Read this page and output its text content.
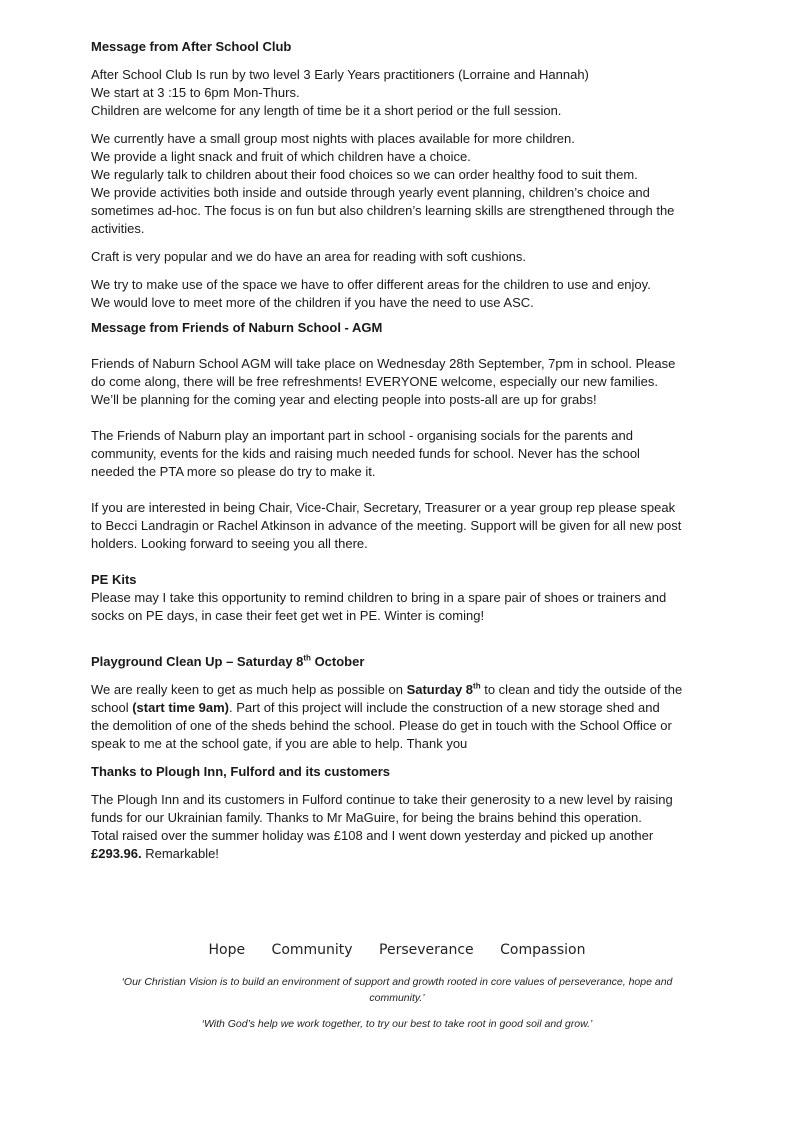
Message from After School Club

After School Club Is run by two level 3 Early Years practitioners (Lorraine and Hannah)
We start at 3 :15 to 6pm Mon-Thurs.
Children are welcome for any length of time be it a short period or the full session.

We currently have a small group most nights with places available for more children.
We provide a light snack and fruit of which children have a choice.
We regularly talk to children about their food choices so we can order healthy food to suit them.
We provide activities both inside and outside through yearly event planning, children’s choice and
sometimes ad-hoc. The focus is on fun but also children’s learning skills are strengthened through the
activities.

Craft is very popular and we do have an area for reading with soft cushions.

We try to make use of the space we have to offer different areas for the children to use and enjoy.
We would love to meet more of the children if you have the need to use ASC.

Message from Friends of Naburn School - AGM

Friends of Naburn School AGM will take place on Wednesday 28th September, 7pm in school. Please
do come along, there will be free refreshments! EVERYONE welcome, especially our new families.
We’ll be planning for the coming year and electing people into posts-all are up for grabs!

The Friends of Naburn play an important part in school - organising socials for the parents and
community, events for the kids and raising much needed funds for school. Never has the school
needed the PTA more so please do try to make it.

If you are interested in being Chair, Vice-Chair, Secretary, Treasurer or a year group rep please speak
to Becci Landragin or Rachel Atkinson in advance of the meeting. Support will be given for all new post
holders. Looking forward to seeing you all there.

PE Kits

Please may I take this opportunity to remind children to bring in a spare pair of shoes or trainers and
socks on PE days, in case their feet get wet in PE. Winter is coming!

Playground Clean Up – Saturday 8th October

We are really keen to get as much help as possible on Saturday 8th to clean and tidy the outside of the
school (start time 9am). Part of this project will include the construction of a new storage shed and
the demolition of one of the sheds behind the school. Please do get in touch with the School Office or
speak to me at the school gate, if you are able to help. Thank you

Thanks to Plough Inn, Fulford and its customers

The Plough Inn and its customers in Fulford continue to take their generosity to a new level by raising
funds for our Ukrainian family. Thanks to Mr MaGuire, for being the brains behind this operation.
Total raised over the summer holiday was £108 and I went down yesterday and picked up another
£293.96. Remarkable!

Hope Community Perseverance Compassion

‘Our Christian Vision is to build an environment of support and growth rooted in core values of perseverance, hope and community.’

‘With God’s help we work together, to try our best to take root in good soil and grow.’
